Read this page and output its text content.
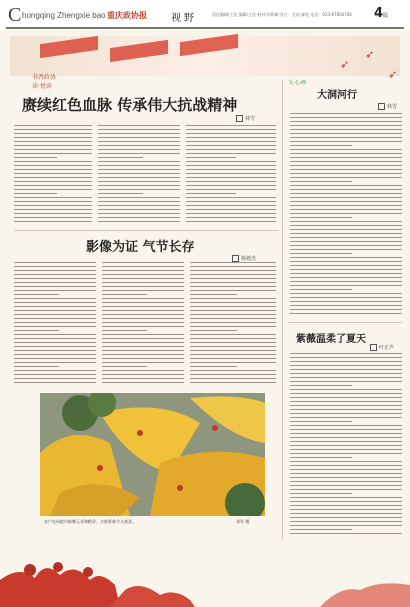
C hongqing Zhengxie bao 重庆政协报 视野	责任编辑/王佳 编辑/王佳 校对/刘雨桐 发行：全国 邮发 电话：023-67850700	4版
➶
➶
➶
书香政协
读·悦读
赓续红色血脉 传承伟大抗战精神
林雪
文·心·画
大洞河行
林雪
影像为证 气节长存
杨德杰
紫薇温柔了夏天
叶正声
农户在场院内晾晒玉米和稻谷，丰收景象令人欣喜。	刘军 摄
